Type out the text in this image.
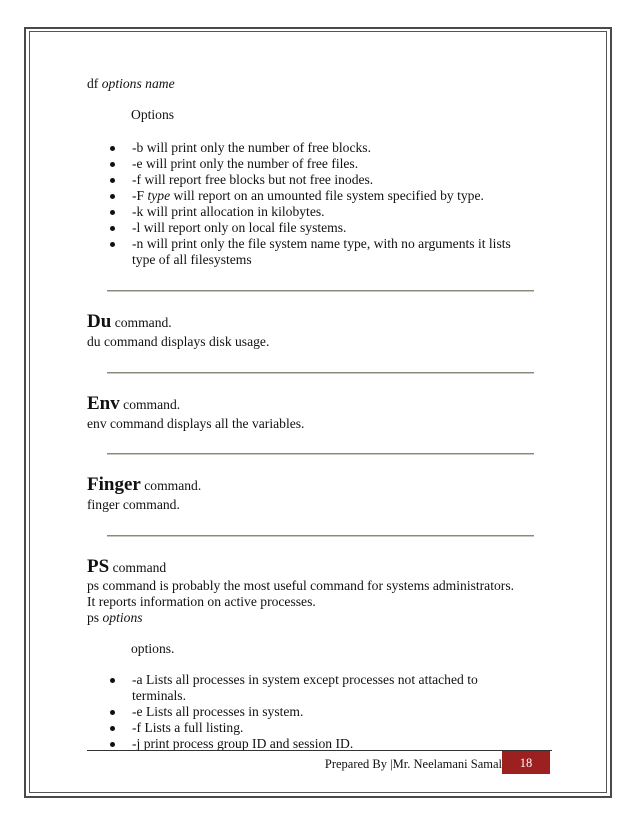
df options name
Options
-b will print only the number of free blocks.
-e will print only the number of free files.
-f will report free blocks but not free inodes.
-F type will report on an umounted file system specified by type.
-k will print allocation in kilobytes.
-l will report only on local file systems.
-n will print only the file system name type, with no arguments it lists
type of all filesystems
Du command.
du command displays disk usage.
Env command.
env command displays all the variables.
Finger command.
finger command.
PS command
ps command is probably the most useful command for systems administrators.
It reports information on active processes.
ps options
options.
-a Lists all processes in system except processes not attached to
terminals.
-e Lists all processes in system.
-f Lists a full listing.
-j print process group ID and session ID.
Prepared By |Mr. Neelamani Samal	18
